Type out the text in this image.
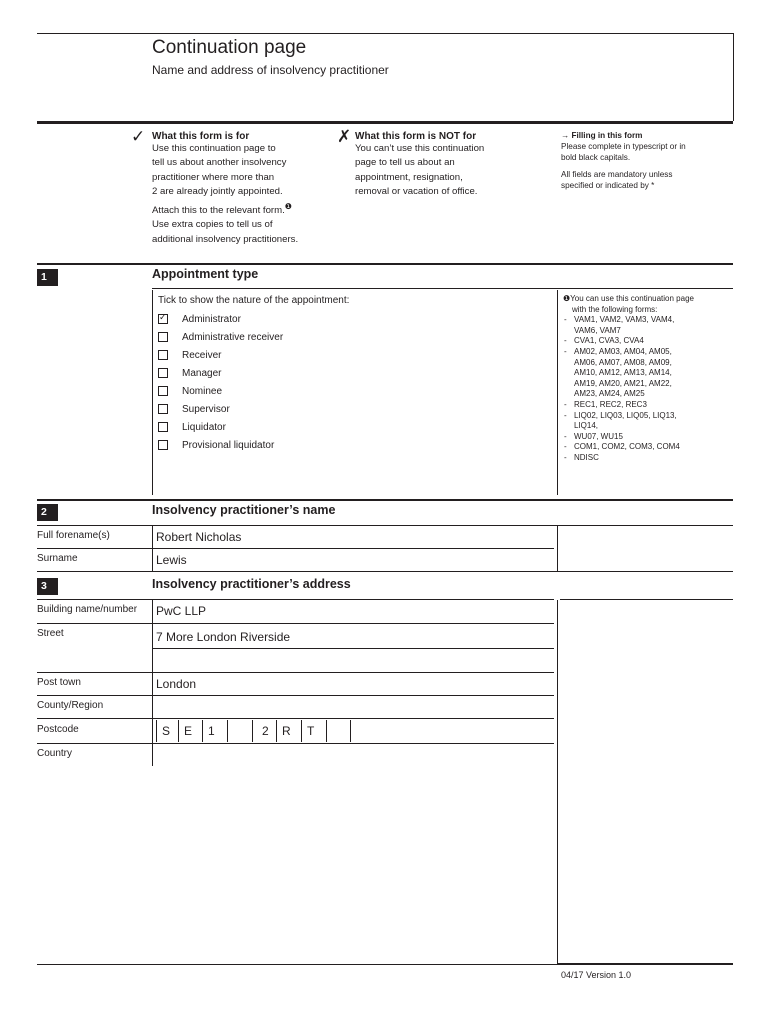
Continuation page
Name and address of insolvency practitioner
✓ What this form is for
Use this continuation page to
tell us about another insolvency
practitioner where more than
2 are already jointly appointed.
Attach this to the relevant form.$^❶$
Use extra copies to tell us of
additional insolvency practitioners.
✗ What this form is NOT for
You can’t use this continuation
page to tell us about an
appointment, resignation,
removal or vacation of office.
→ Filling in this form
Please complete in typescript or in
bold black capitals.
All fields are mandatory unless
specified or indicated by *
1	Appointment type
Tick to show the nature of the appointment:
✓ Administrator
Administrative receiver
Receiver
Manager
Nominee
Supervisor
Liquidator
Provisional liquidator
❶You can use this continuation page
with the following forms:
- VAM1, VAM2, VAM3, VAM4,
VAM6, VAM7
- CVA1, CVA3, CVA4
- AM02, AM03, AM04, AM05,
AM06, AM07, AM08, AM09,
AM10, AM12, AM13, AM14,
AM19, AM20, AM21, AM22,
AM23, AM24, AM25
- REC1, REC2, REC3
- LIQ02, LIQ03, LIQ05, LIQ13,
LIQ14,
- WU07, WU15
- COM1, COM2, COM3, COM4
- NDISC
2	Insolvency practitioner’s name
Full forename(s)	Robert Nicholas
Surname	Lewis
3	Insolvency practitioner’s address
Building name/number PwC LLP
Street	7 More London Riverside
Post town	London
County/Region
Postcode	S	E	1	2	R	T
Country
04/17 Version 1.0
